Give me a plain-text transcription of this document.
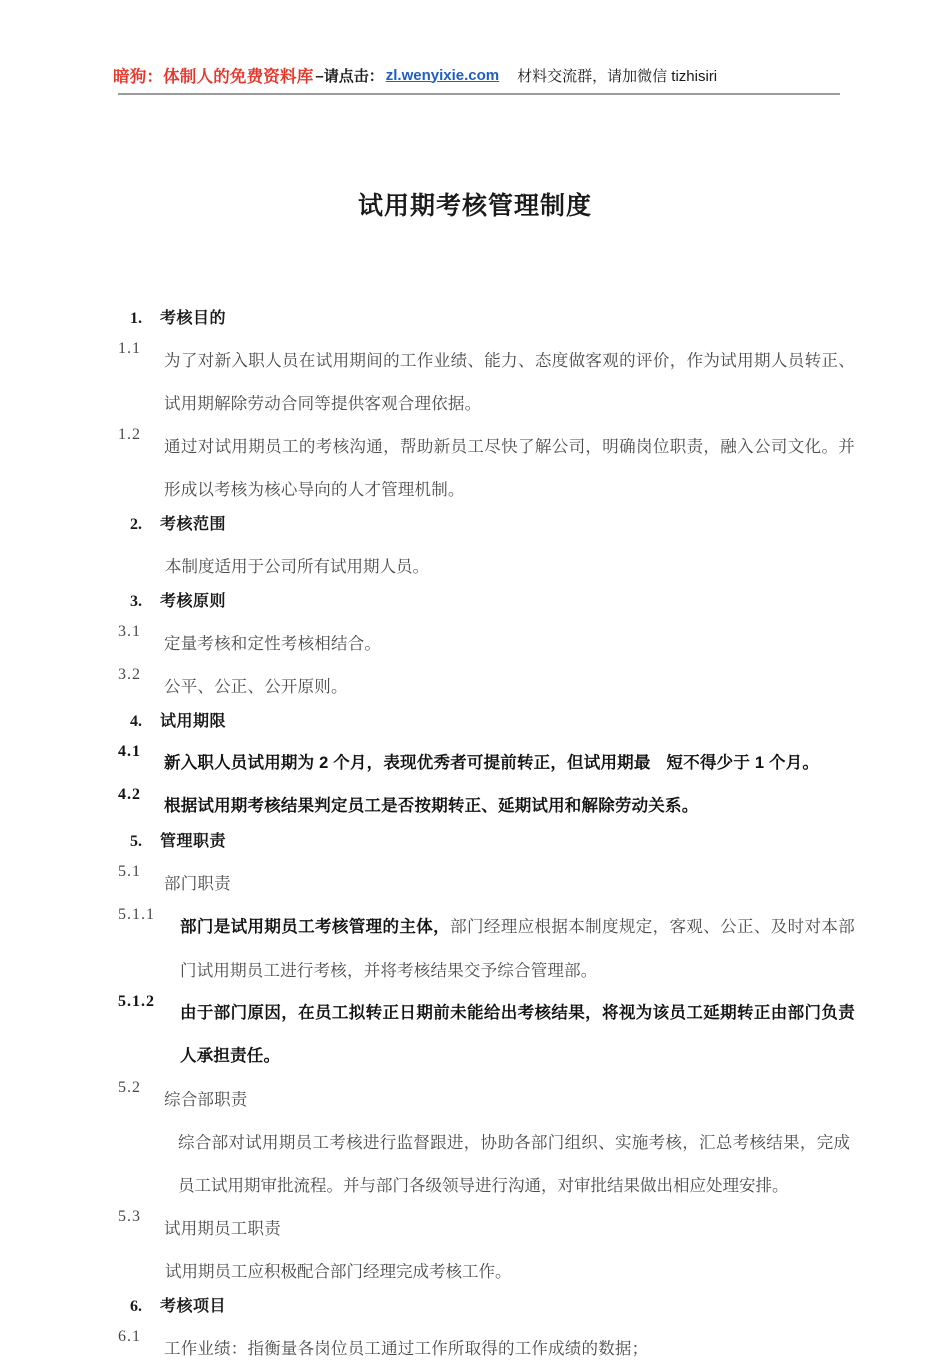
暗狗：体制人的免费资料库 –请点击： zl.wenyixie.com 材料交流群，请加微信 tizhisiri
试用期考核管理制度
1.	考核目的
1.1
为了对新入职人员在试用期间的工作业绩、能力、态度做客观的评价，作为试用期人员转正、试用期解除劳动合同等提供客观合理依据。
1.2
通过对试用期员工的考核沟通，帮助新员工尽快了解公司，明确岗位职责，融入公司文化。并形成以考核为核心导向的人才管理机制。
2.	考核范围
本制度适用于公司所有试用期人员。
3.	考核原则
3.1
定量考核和定性考核相结合。
3.2
公平、公正、公开原则。
4.	试用期限
4.1
新入职人员试用期为 2 个月，表现优秀者可提前转正，但试用期最 短不得少于 1 个月。
4.2
根据试用期考核结果判定员工是否按期转正、延期试用和解除劳动关系。
5.	管理职责
5.1
部门职责
5.1.1
部门是试用期员工考核管理的主体，部门经理应根据本制度规定，客观、公正、及时对本部门试用期员工进行考核，并将考核结果交予综合管理部。
5.1.2
由于部门原因，在员工拟转正日期前未能给出考核结果，将视为该员工延期转正由部门负责人承担责任。
5.2
综合部职责
综合部对试用期员工考核进行监督跟进，协助各部门组织、实施考核，汇总考核结果，完成员工试用期审批流程。并与部门各级领导进行沟通，对审批结果做出相应处理安排。
5.3
试用期员工职责
试用期员工应积极配合部门经理完成考核工作。
6.	考核项目
6.1
工作业绩：指衡量各岗位员工通过工作所取得的工作成绩的数据；
